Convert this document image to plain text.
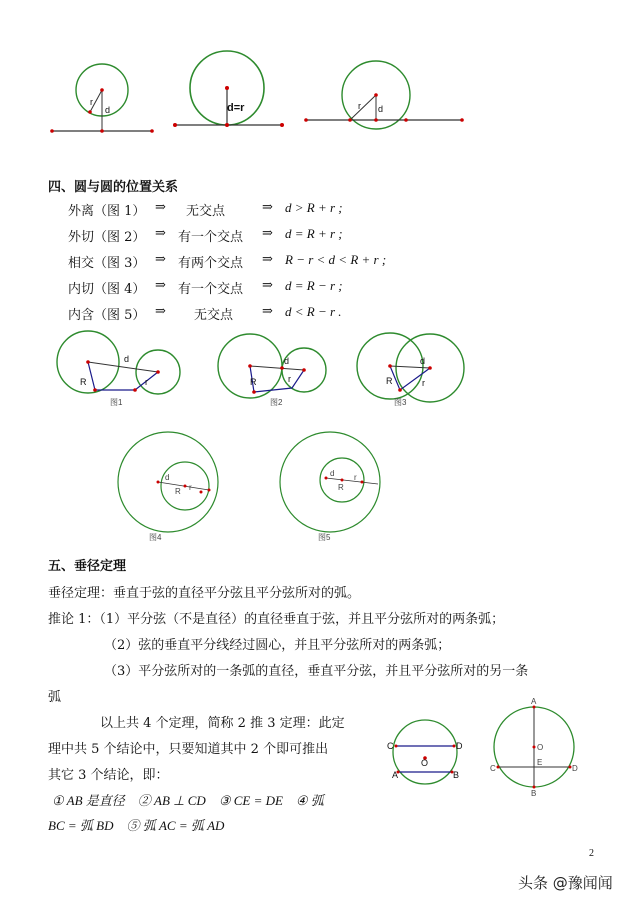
r
d	d=r	r d
四、圆与圆的位置关系
外离（图 1） ⇒ 无交点	⇒ d > R + r ;
外切（图 2） ⇒ 有一个交点 ⇒ d = R + r ;
相交（图 3） ⇒ 有两个交点 ⇒ R − r < d < R + r ;
内切（图 4） ⇒ 有一个交点 ⇒ d = R − r ;
内含（图 5） ⇒ 无交点 ⇒ d < R − r .
R	r
d
图1
R	r
d
图2
R	r
d
图3
d
R r
图4
d
R
r
图5
五、垂径定理
垂径定理：垂直于弦的直径平分弦且平分弦所对的弧。
推论 1：（1）平分弦（不是直径）的直径垂直于弦，并且平分弦所对的两条弧；
（2）弦的垂直平分线经过圆心，并且平分弦所对的两条弧；
（3）平分弦所对的一条弧的直径，垂直平分弦，并且平分弦所对的另一条
弧
以上共 4 个定理，简称 2 推 3 定理：此定
理中共 5 个结论中，只要知道其中 2 个即可推出
其它 3 个结论，即：
① AB 是直径　② AB ⊥ CD　③ CE = DE　④ 弧
BC = 弧 BD　⑤ 弧 AC = 弧 AD
C	D
A	B
O
A
O
E
C	D
B
2
头条 @豫闻闻
